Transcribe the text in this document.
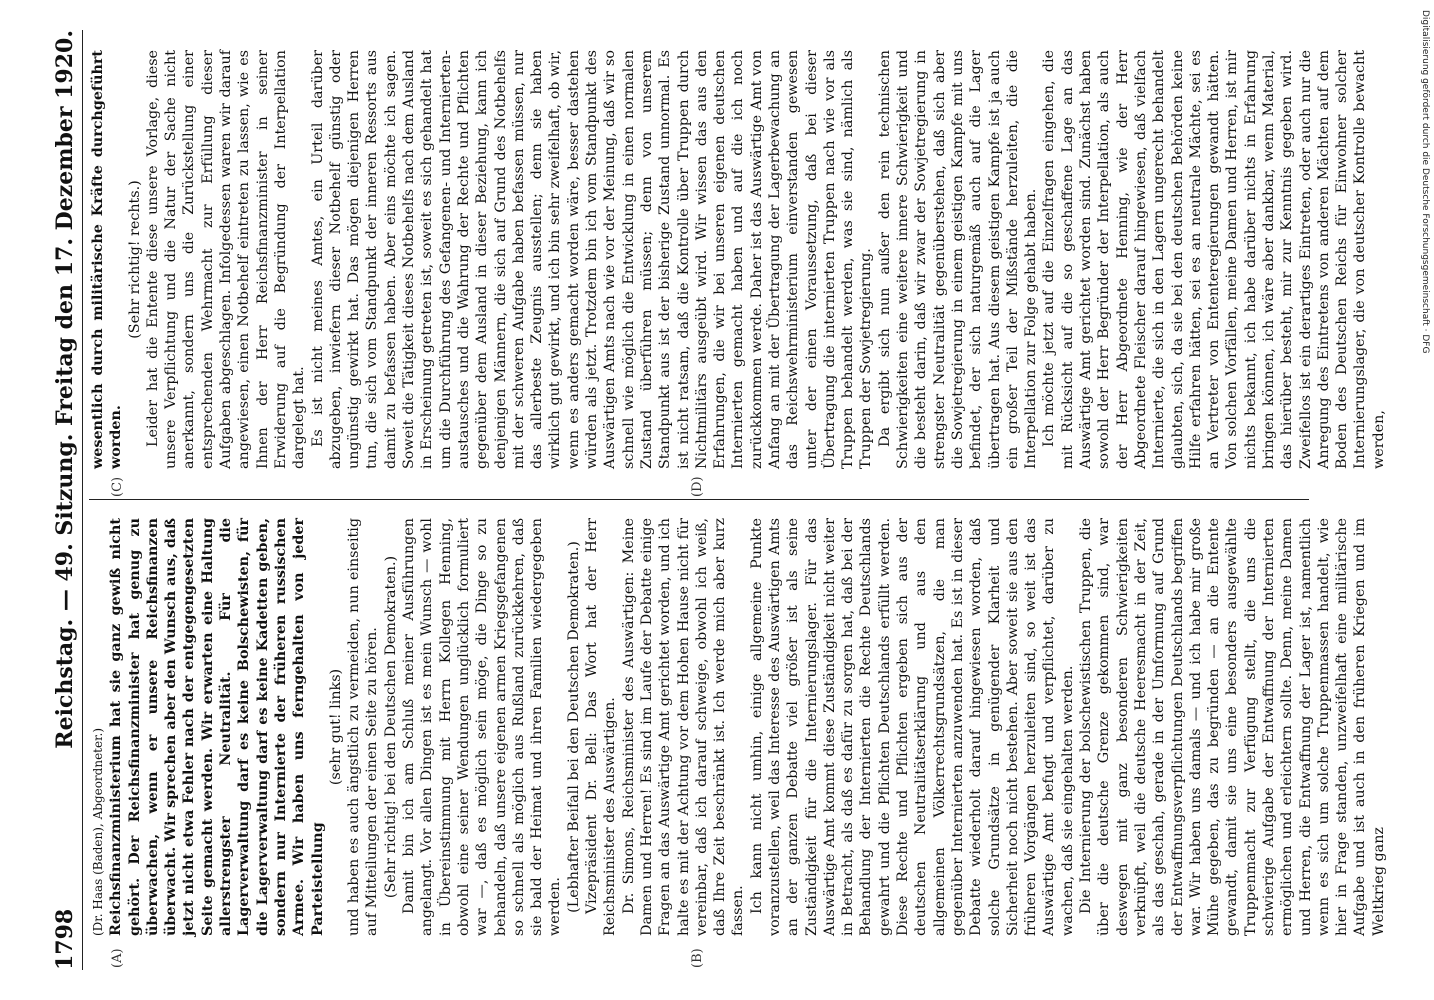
1798
Reichstag. — 49. Sitzung. Freitag den 17. Dezember 1920.
(A)	(B)

(Dr. Haas (Baden), Abgeordneter.) Reichsfinanzministerium hat sie ganz gewiß nicht gehört. Der Reichsfinanzminister hat genug zu überwachen, wenn er unsere Reichsfinanzen überwacht. Wir sprechen aber den Wunsch aus, daß jetzt nicht etwa Fehler nach der entgegengesetzten Seite gemacht werden. Wir erwarten eine Haltung allerstrengster Neutralität. Für die Lagerverwaltung darf es keine Bolschewisten, für die Lagerverwaltung darf es keine Kadetten geben, sondern nur Internierte der früheren russischen Armee. Wir haben uns ferngehalten von jeder Parteistellung

(sehr gut! links) und haben es auch ängstlich zu vermeiden, nun einseitig auf Mitteilungen der einen Seite zu hören. (Sehr richtig! bei den Deutschen Demokraten.) Damit bin ich am Schluß meiner Ausführungen angelangt. Vor allen Dingen ist es mein Wunsch — wohl in Übereinstimmung mit Herrn Kollegen Henning, obwohl eine seiner Wendungen unglücklich formuliert war —, daß es möglich sein möge, die Dinge so zu behandeln, daß unsere eigenen armen Kriegsgefangenen so schnell als möglich aus Rußland zurückkehren, daß sie bald der Heimat und ihren Familien wiedergegeben werden. (Lebhafter Beifall bei den Deutschen Demokraten.) Vizepräsident Dr. Bell: Das Wort hat der Herr Reichsminister des Auswärtigen. Dr. Simons, Reichsminister des Auswärtigen: Meine Damen und Herren! Es sind im Laufe der Debatte einige Fragen an das Auswärtige Amt gerichtet worden, und ich halte es mit der Achtung vor dem Hohen Hause nicht für vereinbar, daß ich darauf schweige, obwohl ich weiß, daß Ihre Zeit beschränkt ist. Ich werde mich aber kurz fassen. Ich kann nicht umhin, einige allgemeine Punkte voranzustellen, weil das Interesse des Auswärtigen Amts an der ganzen Debatte viel größer ist als seine Zuständigkeit für die Internierungslager. Für das Auswärtige Amt kommt diese Zuständigkeit nicht weiter in Betracht, als daß es dafür zu sorgen hat, daß bei der Behandlung der Internierten die Rechte Deutschlands gewahrt und die Pflichten Deutschlands erfüllt werden. Diese Rechte und Pflichten ergeben sich aus der deutschen Neutralitätserklärung und aus den allgemeinen Völkerrechtsgrundsätzen, die man gegenüber Internierten anzuwenden hat. Es ist in dieser Debatte wiederholt darauf hingewiesen worden, daß solche Grundsätze in genügender Klarheit und Sicherheit noch nicht bestehen. Aber soweit sie aus den früheren Vorgängen herzuleiten sind, so weit ist das Auswärtige Amt befugt und verpflichtet, darüber zu wachen, daß sie eingehalten werden. Die Internierung der bolschewistischen Truppen, die über die deutsche Grenze gekommen sind, war deswegen mit ganz besonderen Schwierigkeiten verknüpft, weil die deutsche Heeresmacht in der Zeit, als das geschah, gerade in der Umformung auf Grund der Entwaffnungsverpflichtungen Deutschlands begriffen war. Wir haben uns damals — und ich habe mir große Mühe gegeben, das zu begründen — an die Entente gewandt, damit sie uns eine besonders ausgewählte Truppenmacht zur Verfügung stellt, die uns die schwierige Aufgabe der Entwaffnung der Internierten ermöglichen und erleichtern sollte. Denn, meine Damen und Herren, die Entwaffnung der Lager ist, namentlich wenn es sich um solche Truppenmassen handelt, wie hier in Frage standen, unzweifelhaft eine militärische Aufgabe und ist auch in den früheren Kriegen und im Weltkrieg ganz

(C)	(D)

wesentlich durch militärische Kräfte durchgeführt worden.

(Sehr richtig! rechts.) Leider hat die Entente diese unsere Vorlage, diese unsere Verpflichtung und die Natur der Sache nicht anerkannt, sondern uns die Zurückstellung einer entsprechenden Wehrmacht zur Erfüllung dieser Aufgaben abgeschlagen. Infolgedessen waren wir darauf angewiesen, einen Notbehelf eintreten zu lassen, wie es Ihnen der Herr Reichsfinanzminister in seiner Erwiderung auf die Begründung der Interpellation dargelegt hat. Es ist nicht meines Amtes, ein Urteil darüber abzugeben, inwiefern dieser Notbehelf günstig oder ungünstig gewirkt hat. Das mögen diejenigen Herren tun, die sich vom Standpunkt der inneren Ressorts aus damit zu befassen haben. Aber eins möchte ich sagen. Soweit die Tätigkeit dieses Notbehelfs nach dem Ausland in Erscheinung getreten ist, soweit es sich gehandelt hat um die Durchführung des Gefangenen- und Internierten-austausches und die Wahrung der Rechte und Pflichten gegenüber dem Ausland in dieser Beziehung, kann ich denjenigen Männern, die sich auf Grund des Notbehelfs mit der schweren Aufgabe haben befassen müssen, nur das allerbeste Zeugnis ausstellen; denn sie haben wirklich gut gewirkt, und ich bin sehr zweifelhaft, ob wir, wenn es anders gemacht worden wäre, besser dastehen würden als jetzt. Trotzdem bin ich vom Standpunkt des Auswärtigen Amts nach wie vor der Meinung, daß wir so schnell wie möglich die Entwicklung in einen normalen Zustand überführen müssen; denn von unserem Standpunkt aus ist der bisherige Zustand unnormal. Es ist nicht ratsam, daß die Kontrolle über Truppen durch Nichtmilitärs ausgeübt wird. Wir wissen das aus den Erfahrungen, die wir bei unseren eigenen deutschen Internierten gemacht haben und auf die ich noch zurückkommen werde. Daher ist das Auswärtige Amt von Anfang an mit der Übertragung der Lagerbewachung an das Reichswehrministerium einverstanden gewesen unter der einen Voraussetzung, daß bei dieser Übertragung die internierten Truppen nach wie vor als Truppen behandelt werden, was sie sind, nämlich als Truppen der Sowjetregierung. Da ergibt sich nun außer den rein technischen Schwierigkeiten eine weitere innere Schwierigkeit und die besteht darin, daß wir zwar der Sowjetregierung in strengster Neutralität gegenüberstehen, daß sich aber die Sowjetregierung in einem geistigen Kampfe mit uns befindet, der sich naturgemäß auch auf die Lager übertragen hat. Aus diesem geistigen Kampfe ist ja auch ein großer Teil der Mißstände herzuleiten, die die Interpellation zur Folge gehabt haben. Ich möchte jetzt auf die Einzelfragen eingehen, die mit Rücksicht auf die so geschaffene Lage an das Auswärtige Amt gerichtet worden sind. Zunächst haben sowohl der Herr Begründer der Interpellation, als auch der Herr Abgeordnete Henning, wie der Herr Abgeordnete Fleischer darauf hingewiesen, daß vielfach Internierte, die sich in den Lagern ungerecht behandelt glaubten, sich, da sie bei den deutschen Behörden keine Hilfe erfahren hätten, sei es an neutrale Mächte, sei es an Vertreter von Ententeregierungen gewandt hätten. Von solchen Vorfällen, meine Damen und Herren, ist mir nichts bekannt, ich habe darüber nichts in Erfahrung bringen können, ich wäre aber dankbar, wenn Material, das hierüber besteht, mir zur Kenntnis gegeben wird. Zweifellos ist ein derartiges Eintreten, oder auch nur die Anregung des Eintretens von anderen Mächten auf dem Boden des Deutschen Reichs für Einwohner solcher Internierungslager, die von deutscher Kontrolle bewacht werden,

Digitalisierung gefördert durch die Deutsche Forschungsgemeinschaft · DFG
